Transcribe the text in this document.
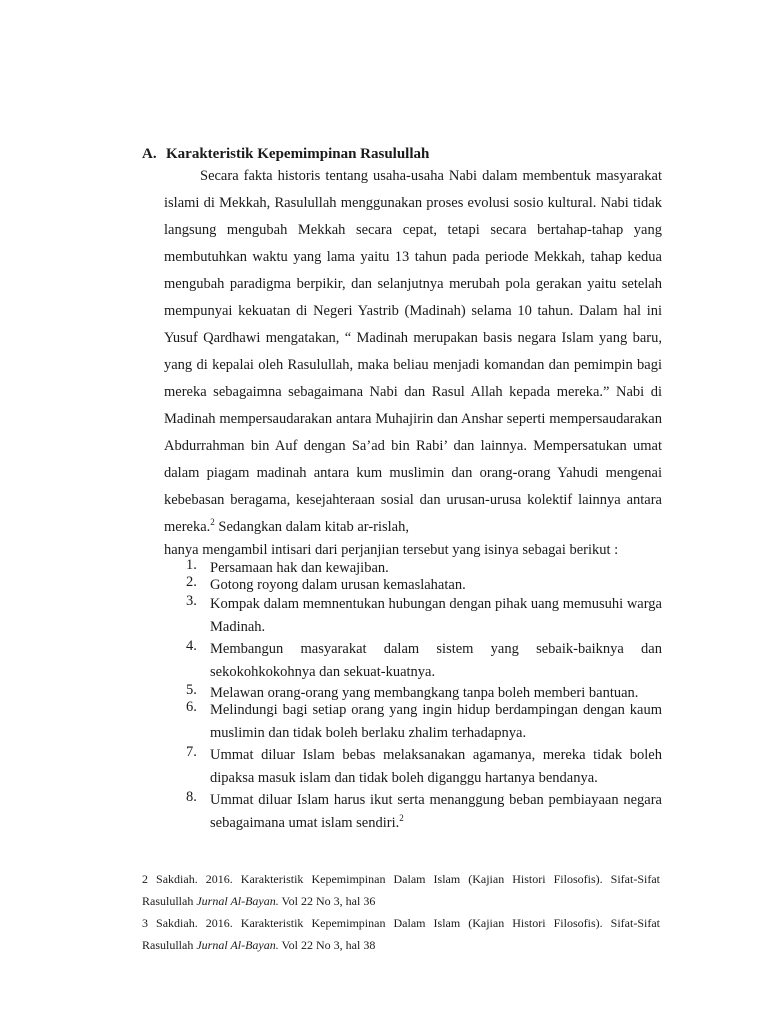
A. Karakteristik Kepemimpinan Rasulullah
Secara fakta historis tentang usaha-usaha Nabi dalam membentuk masyarakat islami di Mekkah, Rasulullah menggunakan proses evolusi sosio kultural. Nabi tidak langsung mengubah Mekkah secara cepat, tetapi secara bertahap-tahap yang membutuhkan waktu yang lama yaitu 13 tahun pada periode Mekkah, tahap kedua mengubah paradigma berpikir, dan selanjutnya merubah pola gerakan yaitu setelah mempunyai kekuatan di Negeri Yastrib (Madinah) selama 10 tahun. Dalam hal ini Yusuf Qardhawi mengatakan, “ Madinah merupakan basis negara Islam yang baru, yang di kepalai oleh Rasulullah, maka beliau menjadi komandan dan pemimpin bagi mereka sebagaimna sebagaimana Nabi dan Rasul Allah kepada mereka.” Nabi di Madinah mempersaudarakan antara Muhajirin dan Anshar seperti mempersaudarakan Abdurrahman bin Auf dengan Sa’ad bin Rabi’ dan lainnya. Mempersatukan umat dalam piagam madinah antara kum muslimin dan orang-orang Yahudi mengenai kebebasan beragama, kesejahteraan sosial dan urusan-urusa kolektif lainnya antara mereka.$^2$ Sedangkan dalam kitab ar-rislah,
hanya mengambil intisari dari perjanjian tersebut yang isinya sebagai berikut :
1. Persamaan hak dan kewajiban.
2. Gotong royong dalam urusan kemaslahatan.
3. Kompak dalam memnentukan hubungan dengan pihak uang memusuhi warga Madinah.
4. Membangun masyarakat dalam sistem yang sebaik-baiknya dan sekokohkokohnya dan sekuat-kuatnya.
5. Melawan orang-orang yang membangkang tanpa boleh memberi bantuan.
6. Melindungi bagi setiap orang yang ingin hidup berdampingan dengan kaum muslimin dan tidak boleh berlaku zhalim terhadapnya.
7. Ummat diluar Islam bebas melaksanakan agamanya, mereka tidak boleh dipaksa masuk islam dan tidak boleh diganggu hartanya bendanya.
8. Ummat diluar Islam harus ikut serta menanggung beban pembiayaan negara sebagaimana umat islam sendiri.$^2$

2 Sakdiah. 2016. Karakteristik Kepemimpinan Dalam Islam (Kajian Histori Filosofis). Sifat-Sifat Rasulullah Jurnal Al-Bayan. Vol 22 No 3, hal 36

3 Sakdiah. 2016. Karakteristik Kepemimpinan Dalam Islam (Kajian Histori Filosofis). Sifat-Sifat Rasulullah Jurnal Al-Bayan. Vol 22 No 3, hal 38
